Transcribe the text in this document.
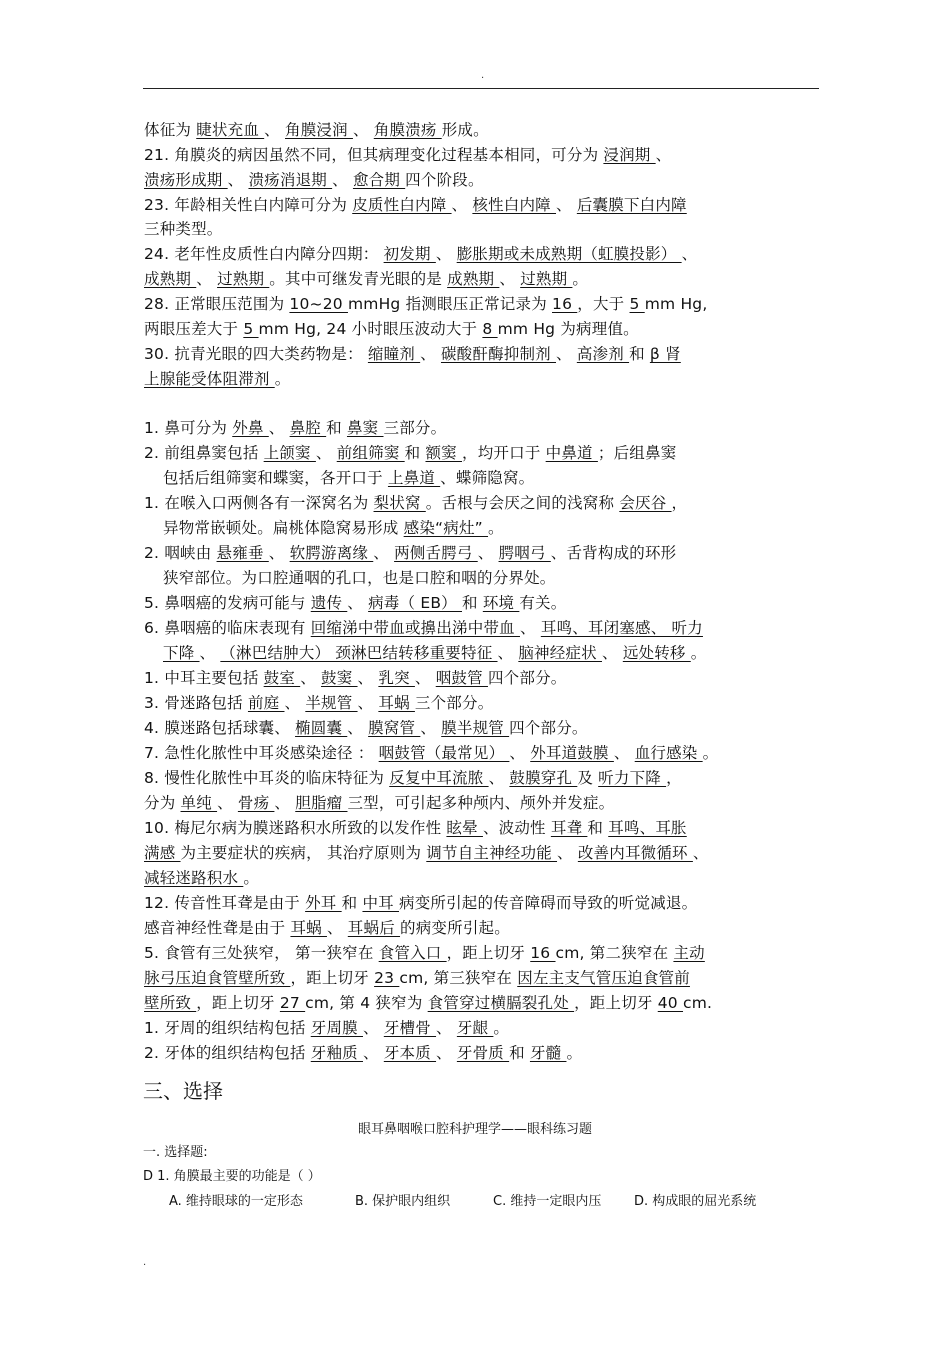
.
体征为 睫状充血 、 角膜浸润 、 角膜溃疡 形成。
21. 角膜炎的病因虽然不同，但其病理变化过程基本相同，可分为 浸润期 、
溃疡形成期 、 溃疡消退期 、 愈合期 四个阶段。
23. 年龄相关性白内障可分为 皮质性白内障 、 核性白内障 、 后囊膜下白内障
三种类型。
24. 老年性皮质性白内障分四期： 初发期 、 膨胀期或未成熟期（虹膜投影） 、
成熟期 、 过熟期 。其中可继发青光眼的是 成熟期 、 过熟期 。
28. 正常眼压范围为 10~20 mmHg 指测眼压正常记录为 16 ，大于 5 mm Hg,
两眼压差大于 5 mm Hg, 24 小时眼压波动大于 8 mm Hg 为病理值。
30. 抗青光眼的四大类药物是： 缩瞳剂 、 碳酸酐酶抑制剂 、 高渗剂 和 β 肾
上腺能受体阻滞剂 。
1. 鼻可分为 外鼻 、 鼻腔 和 鼻窦 三部分。
2. 前组鼻窦包括 上颌窦 、 前组筛窦 和 额窦 ，均开口于 中鼻道 ；后组鼻窦
包括后组筛窦和蝶窦，各开口于 上鼻道 、蝶筛隐窝。
1. 在喉入口两侧各有一深窝名为 梨状窝 。舌根与会厌之间的浅窝称 会厌谷 ，
异物常嵌顿处。扁桃体隐窝易形成 感染“病灶” 。
2. 咽峡由 悬雍垂 、 软腭游离缘 、 两侧舌腭弓 、 腭咽弓 、舌背构成的环形
狭窄部位。为口腔通咽的孔口，也是口腔和咽的分界处。
5. 鼻咽癌的发病可能与 遗传 、 病毒（ EB） 和 环境 有关。
6. 鼻咽癌的临床表现有 回缩涕中带血或擤出涕中带血 、 耳鸣、耳闭塞感、 听力
下降 、 （淋巴结肿大） 颈淋巴结转移重要特征 、 脑神经症状 、 远处转移 。
1. 中耳主要包括 鼓室 、 鼓窦 、 乳突 、 咽鼓管 四个部分。
3. 骨迷路包括 前庭 、 半规管 、 耳蜗 三个部分。
4. 膜迷路包括球囊、 椭圆囊 、 膜窝管 、 膜半规管 四个部分。
7. 急性化脓性中耳炎感染途径 ： 咽鼓管（最常见） 、 外耳道鼓膜 、 血行感染 。
8. 慢性化脓性中耳炎的临床特征为 反复中耳流脓 、 鼓膜穿孔 及 听力下降 ，
分为 单纯 、 骨疡 、 胆脂瘤 三型，可引起多种颅内、颅外并发症。
10. 梅尼尔病为膜迷路积水所致的以发作性 眩晕 、波动性 耳聋 和 耳鸣、耳胀
满感 为主要症状的疾病， 其治疗原则为 调节自主神经功能 、 改善内耳微循环 、
减轻迷路积水 。
12. 传音性耳聋是由于 外耳 和 中耳 病变所引起的传音障碍而导致的听觉减退。
感音神经性聋是由于 耳蜗 、 耳蜗后 的病变所引起。
5. 食管有三处狭窄， 第一狭窄在 食管入口 ，距上切牙 16 cm, 第二狭窄在 主动
脉弓压迫食管壁所致 ，距上切牙 23 cm, 第三狭窄在 因左主支气管压迫食管前
壁所致 ，距上切牙 27 cm, 第 4 狭窄为 食管穿过横膈裂孔处 ，距上切牙 40 cm.
1. 牙周的组织结构包括 牙周膜 、 牙槽骨 、 牙龈 。
2. 牙体的组织结构包括 牙釉质 、 牙本质 、 牙骨质 和 牙髓 。
三、选择
眼耳鼻咽喉口腔科护理学——眼科练习题
一. 选择题:
D 1. 角膜最主要的功能是（ ）
A. 维持眼球的一定形态	B. 保护眼内组织	C. 维持一定眼内压	D. 构成眼的屈光系统
.
